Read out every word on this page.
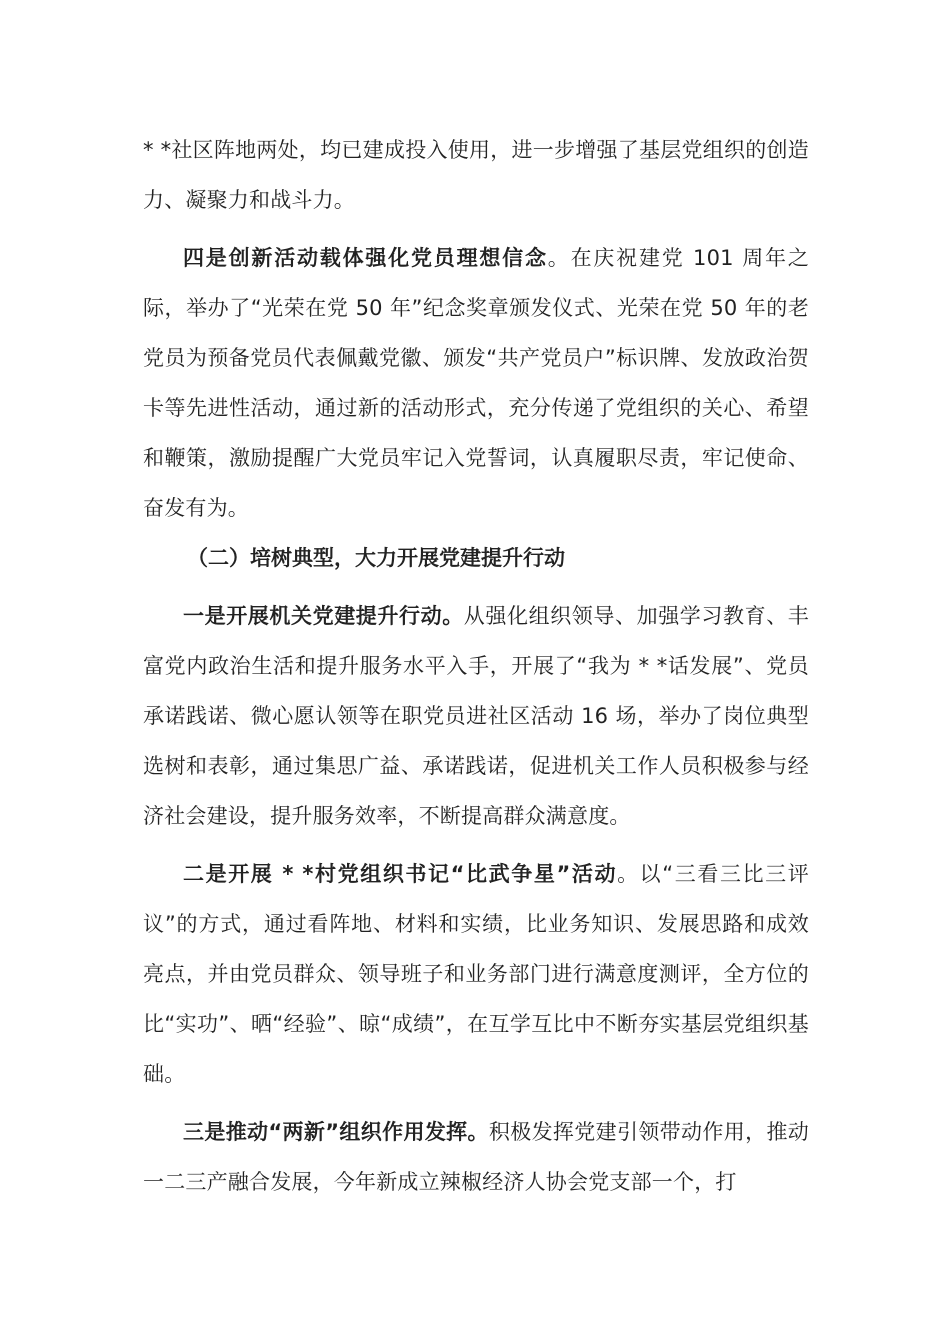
* *社区阵地两处，均已建成投入使用，进一步增强了基层党组织的创造力、凝聚力和战斗力。

四是创新活动载体强化党员理想信念。在庆祝建党 101 周年之际，举办了“光荣在党 50 年”纪念奖章颁发仪式、光荣在党 50 年的老党员为预备党员代表佩戴党徽、颁发“共产党员户”标识牌、发放政治贺卡等先进性活动，通过新的活动形式，充分传递了党组织的关心、希望和鞭策，激励提醒广大党员牢记入党誓词，认真履职尽责，牢记使命、奋发有为。

（二）培树典型，大力开展党建提升行动

一是开展机关党建提升行动。从强化组织领导、加强学习教育、丰富党内政治生活和提升服务水平入手，开展了“我为 * *话发展”、党员承诺践诺、微心愿认领等在职党员进社区活动 16 场，举办了岗位典型选树和表彰，通过集思广益、承诺践诺，促进机关工作人员积极参与经济社会建设，提升服务效率，不断提高群众满意度。

二是开展 * *村党组织书记“比武争星”活动。以“三看三比三评议”的方式，通过看阵地、材料和实绩，比业务知识、发展思路和成效亮点，并由党员群众、领导班子和业务部门进行满意度测评，全方位的比“实功”、晒“经验”、晾“成绩”，在互学互比中不断夯实基层党组织基础。

三是推动“两新”组织作用发挥。积极发挥党建引领带动作用，推动一二三产融合发展，今年新成立辣椒经济人协会党支部一个，打
